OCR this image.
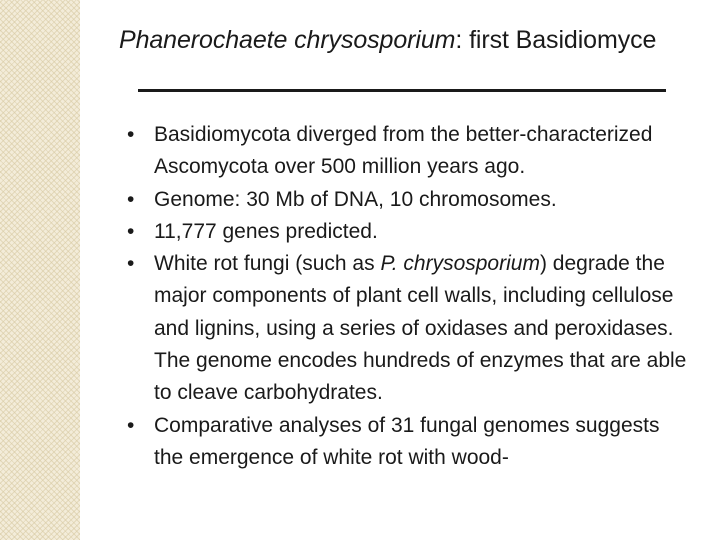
Phanerochaete chrysosporium: first Basidiomyce
• Basidiomycota diverged from the better-characterized Ascomycota over 500 million years ago.
• Genome: 30 Mb of DNA, 10 chromosomes.
• 11,777 genes predicted.
• White rot fungi (such as P. chrysosporium) degrade the major components of plant cell walls, including cellulose and lignins, using a series of oxidases and peroxidases. The genome encodes hundreds of enzymes that are able to cleave carbohydrates.
• Comparative analyses of 31 fungal genomes suggests the emergence of white rot with wood-
